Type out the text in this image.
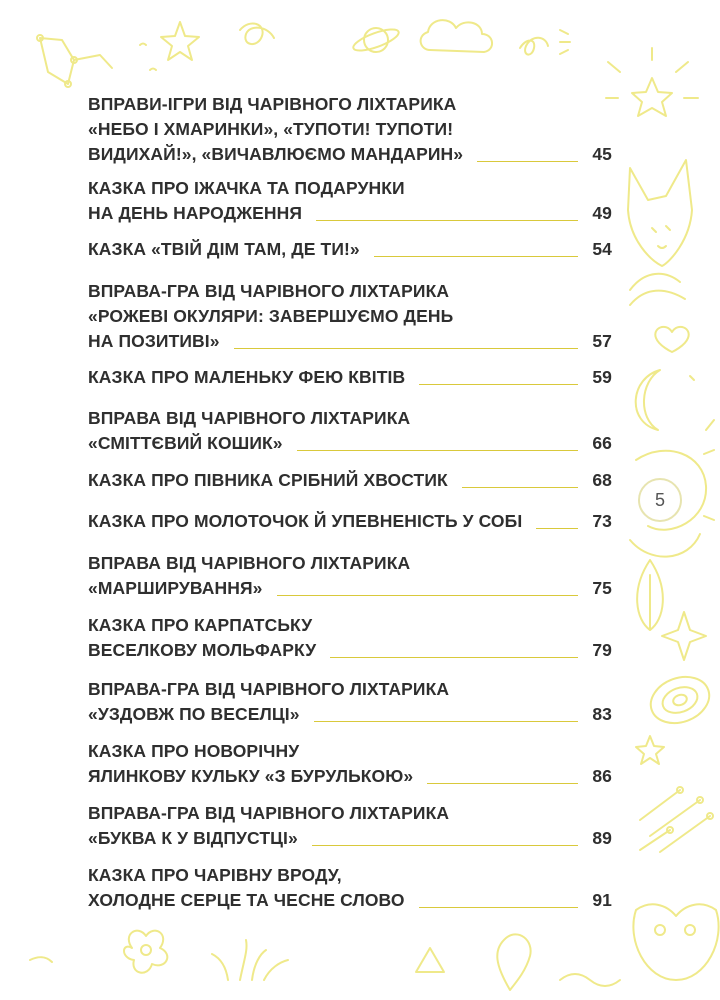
ВПРАВИ-ІГРИ ВІД ЧАРІВНОГО ЛІХТАРИКА
«НЕБО І ХМАРИНКИ», «ТУПОТИ! ТУПОТИ!
ВИДИХАЙ!», «ВИЧАВЛЮЄМО МАНДАРИН»	45
КАЗКА ПРО ІЖАЧКА ТА ПОДАРУНКИ
НА ДЕНЬ НАРОДЖЕННЯ	49
КАЗКА «ТВІЙ ДІМ ТАМ, ДЕ ТИ!»	54
ВПРАВА-ГРА ВІД ЧАРІВНОГО ЛІХТАРИКА
«РОЖЕВІ ОКУЛЯРИ: ЗАВЕРШУЄМО ДЕНЬ
НА ПОЗИТИВІ»	57
КАЗКА ПРО МАЛЕНЬКУ ФЕЮ КВІТІВ	59
ВПРАВА ВІД ЧАРІВНОГО ЛІХТАРИКА
«СМІТТЄВИЙ КОШИК»	66
КАЗКА ПРО ПІВНИКА СРІБНИЙ ХВОСТИК	68
КАЗКА ПРО МОЛОТОЧОК Й УПЕВНЕНІСТЬ У СОБІ	73
ВПРАВА ВІД ЧАРІВНОГО ЛІХТАРИКА
«МАРШИРУВАННЯ»	75
КАЗКА ПРО КАРПАТСЬКУ
ВЕСЕЛКОВУ МОЛЬФАРКУ	79
ВПРАВА-ГРА ВІД ЧАРІВНОГО ЛІХТАРИКА
«УЗДОВЖ ПО ВЕСЕЛЦІ»	83
КАЗКА ПРО НОВОРІЧНУ
ЯЛИНКОВУ КУЛЬКУ «З БУРУЛЬКОЮ»	86
ВПРАВА-ГРА ВІД ЧАРІВНОГО ЛІХТАРИКА
«БУКВА К У ВІДПУСТЦІ»	89
КАЗКА ПРО ЧАРІВНУ ВРОДУ,
ХОЛОДНЕ СЕРЦЕ ТА ЧЕСНЕ СЛОВО	91
5
